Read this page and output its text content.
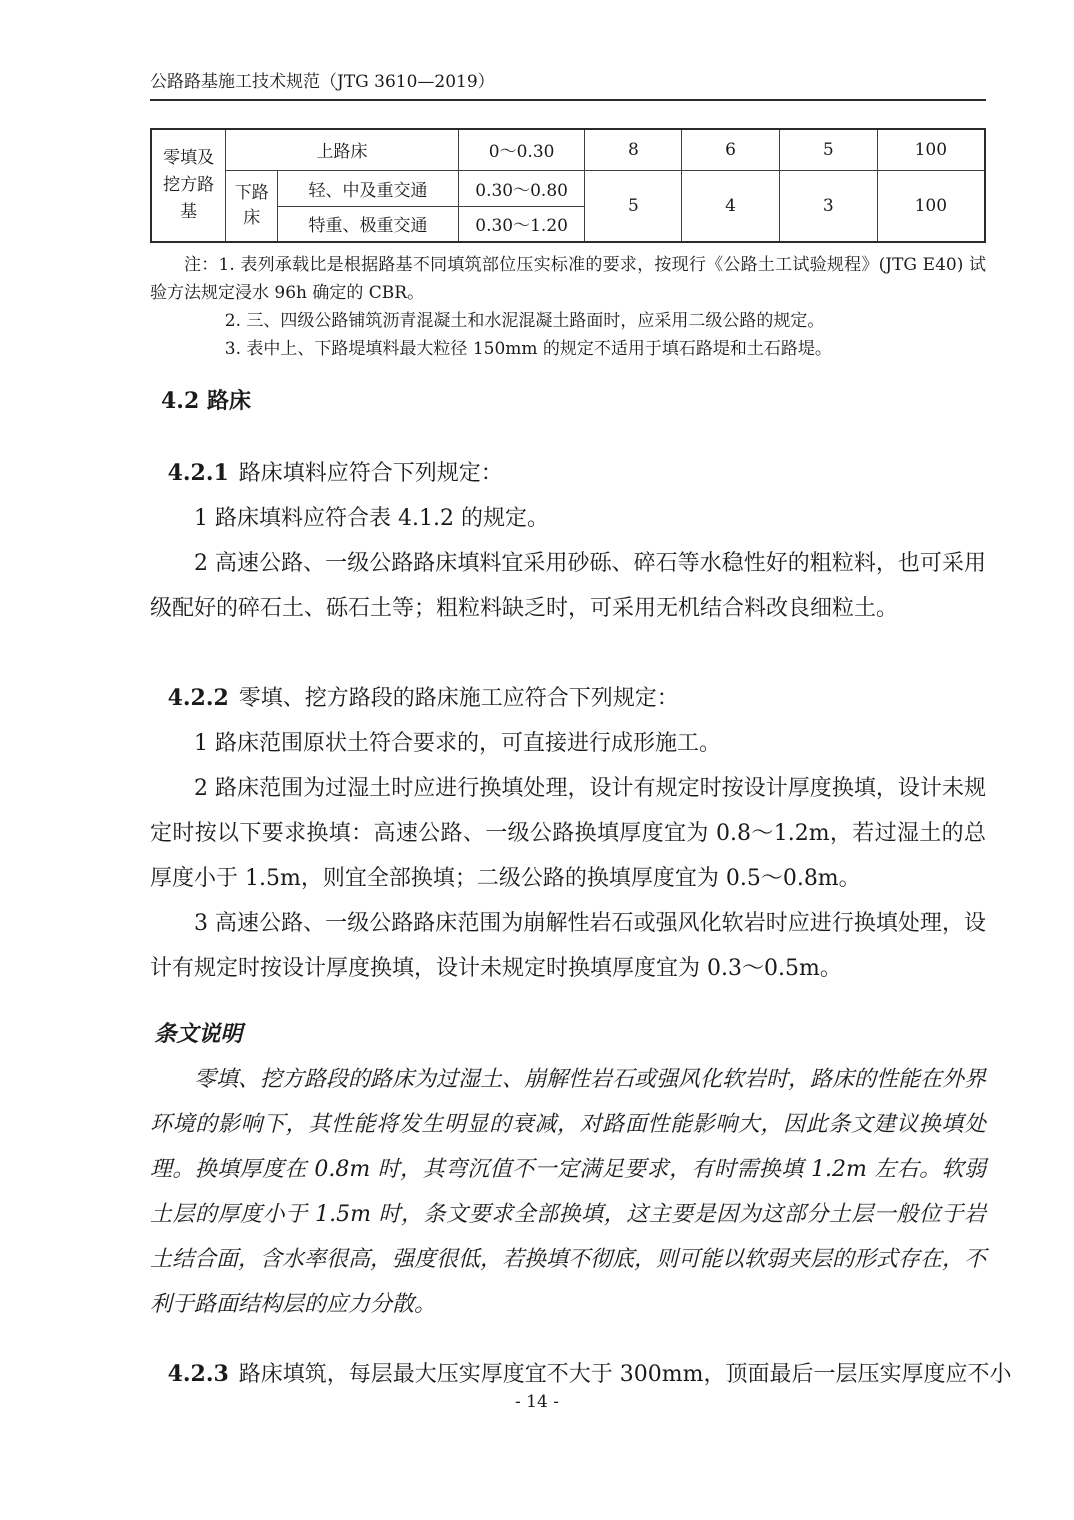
公路路基施工技术规范（JTG 3610—2019）
零填及挖方路基	上路床		0～0.30	8	6	5	100
	下路床	轻、中及重交通	0.30～0.80	5	4	3	100
		特重、极重交通	0.30～1.20				

注：1. 表列承载比是根据路基不同填筑部位压实标准的要求，按现行《公路土工试验规程》(JTG E40) 试验方法规定浸水 96h 确定的 CBR。

2. 三、四级公路铺筑沥青混凝土和水泥混凝土路面时，应采用二级公路的规定。

3. 表中上、下路堤填料最大粒径 150mm 的规定不适用于填石路堤和土石路堤。

4.2 路床

4.2.1 路床填料应符合下列规定：

1 路床填料应符合表 4.1.2 的规定。

2 高速公路、一级公路路床填料宜采用砂砾、碎石等水稳性好的粗粒料，也可采用级配好的碎石土、砾石土等；粗粒料缺乏时，可采用无机结合料改良细粒土。

4.2.2 零填、挖方路段的路床施工应符合下列规定：

1 路床范围原状土符合要求的，可直接进行成形施工。

2 路床范围为过湿土时应进行换填处理，设计有规定时按设计厚度换填，设计未规定时按以下要求换填：高速公路、一级公路换填厚度宜为 0.8～1.2m，若过湿土的总厚度小于 1.5m，则宜全部换填；二级公路的换填厚度宜为 0.5～0.8m。

3 高速公路、一级公路路床范围为崩解性岩石或强风化软岩时应进行换填处理，设计有规定时按设计厚度换填，设计未规定时换填厚度宜为 0.3～0.5m。

条文说明

零填、挖方路段的路床为过湿土、崩解性岩石或强风化软岩时，路床的性能在外界环境的影响下，其性能将发生明显的衰减，对路面性能影响大，因此条文建议换填处理。换填厚度在 0.8m 时，其弯沉值不一定满足要求，有时需换填 1.2m 左右。软弱土层的厚度小于 1.5m 时，条文要求全部换填，这主要是因为这部分土层一般位于岩土结合面，含水率很高，强度很低，若换填不彻底，则可能以软弱夹层的形式存在，不利于路面结构层的应力分散。

4.2.3 路床填筑，每层最大压实厚度宜不大于 300mm，顶面最后一层压实厚度应不小

- 14 -
